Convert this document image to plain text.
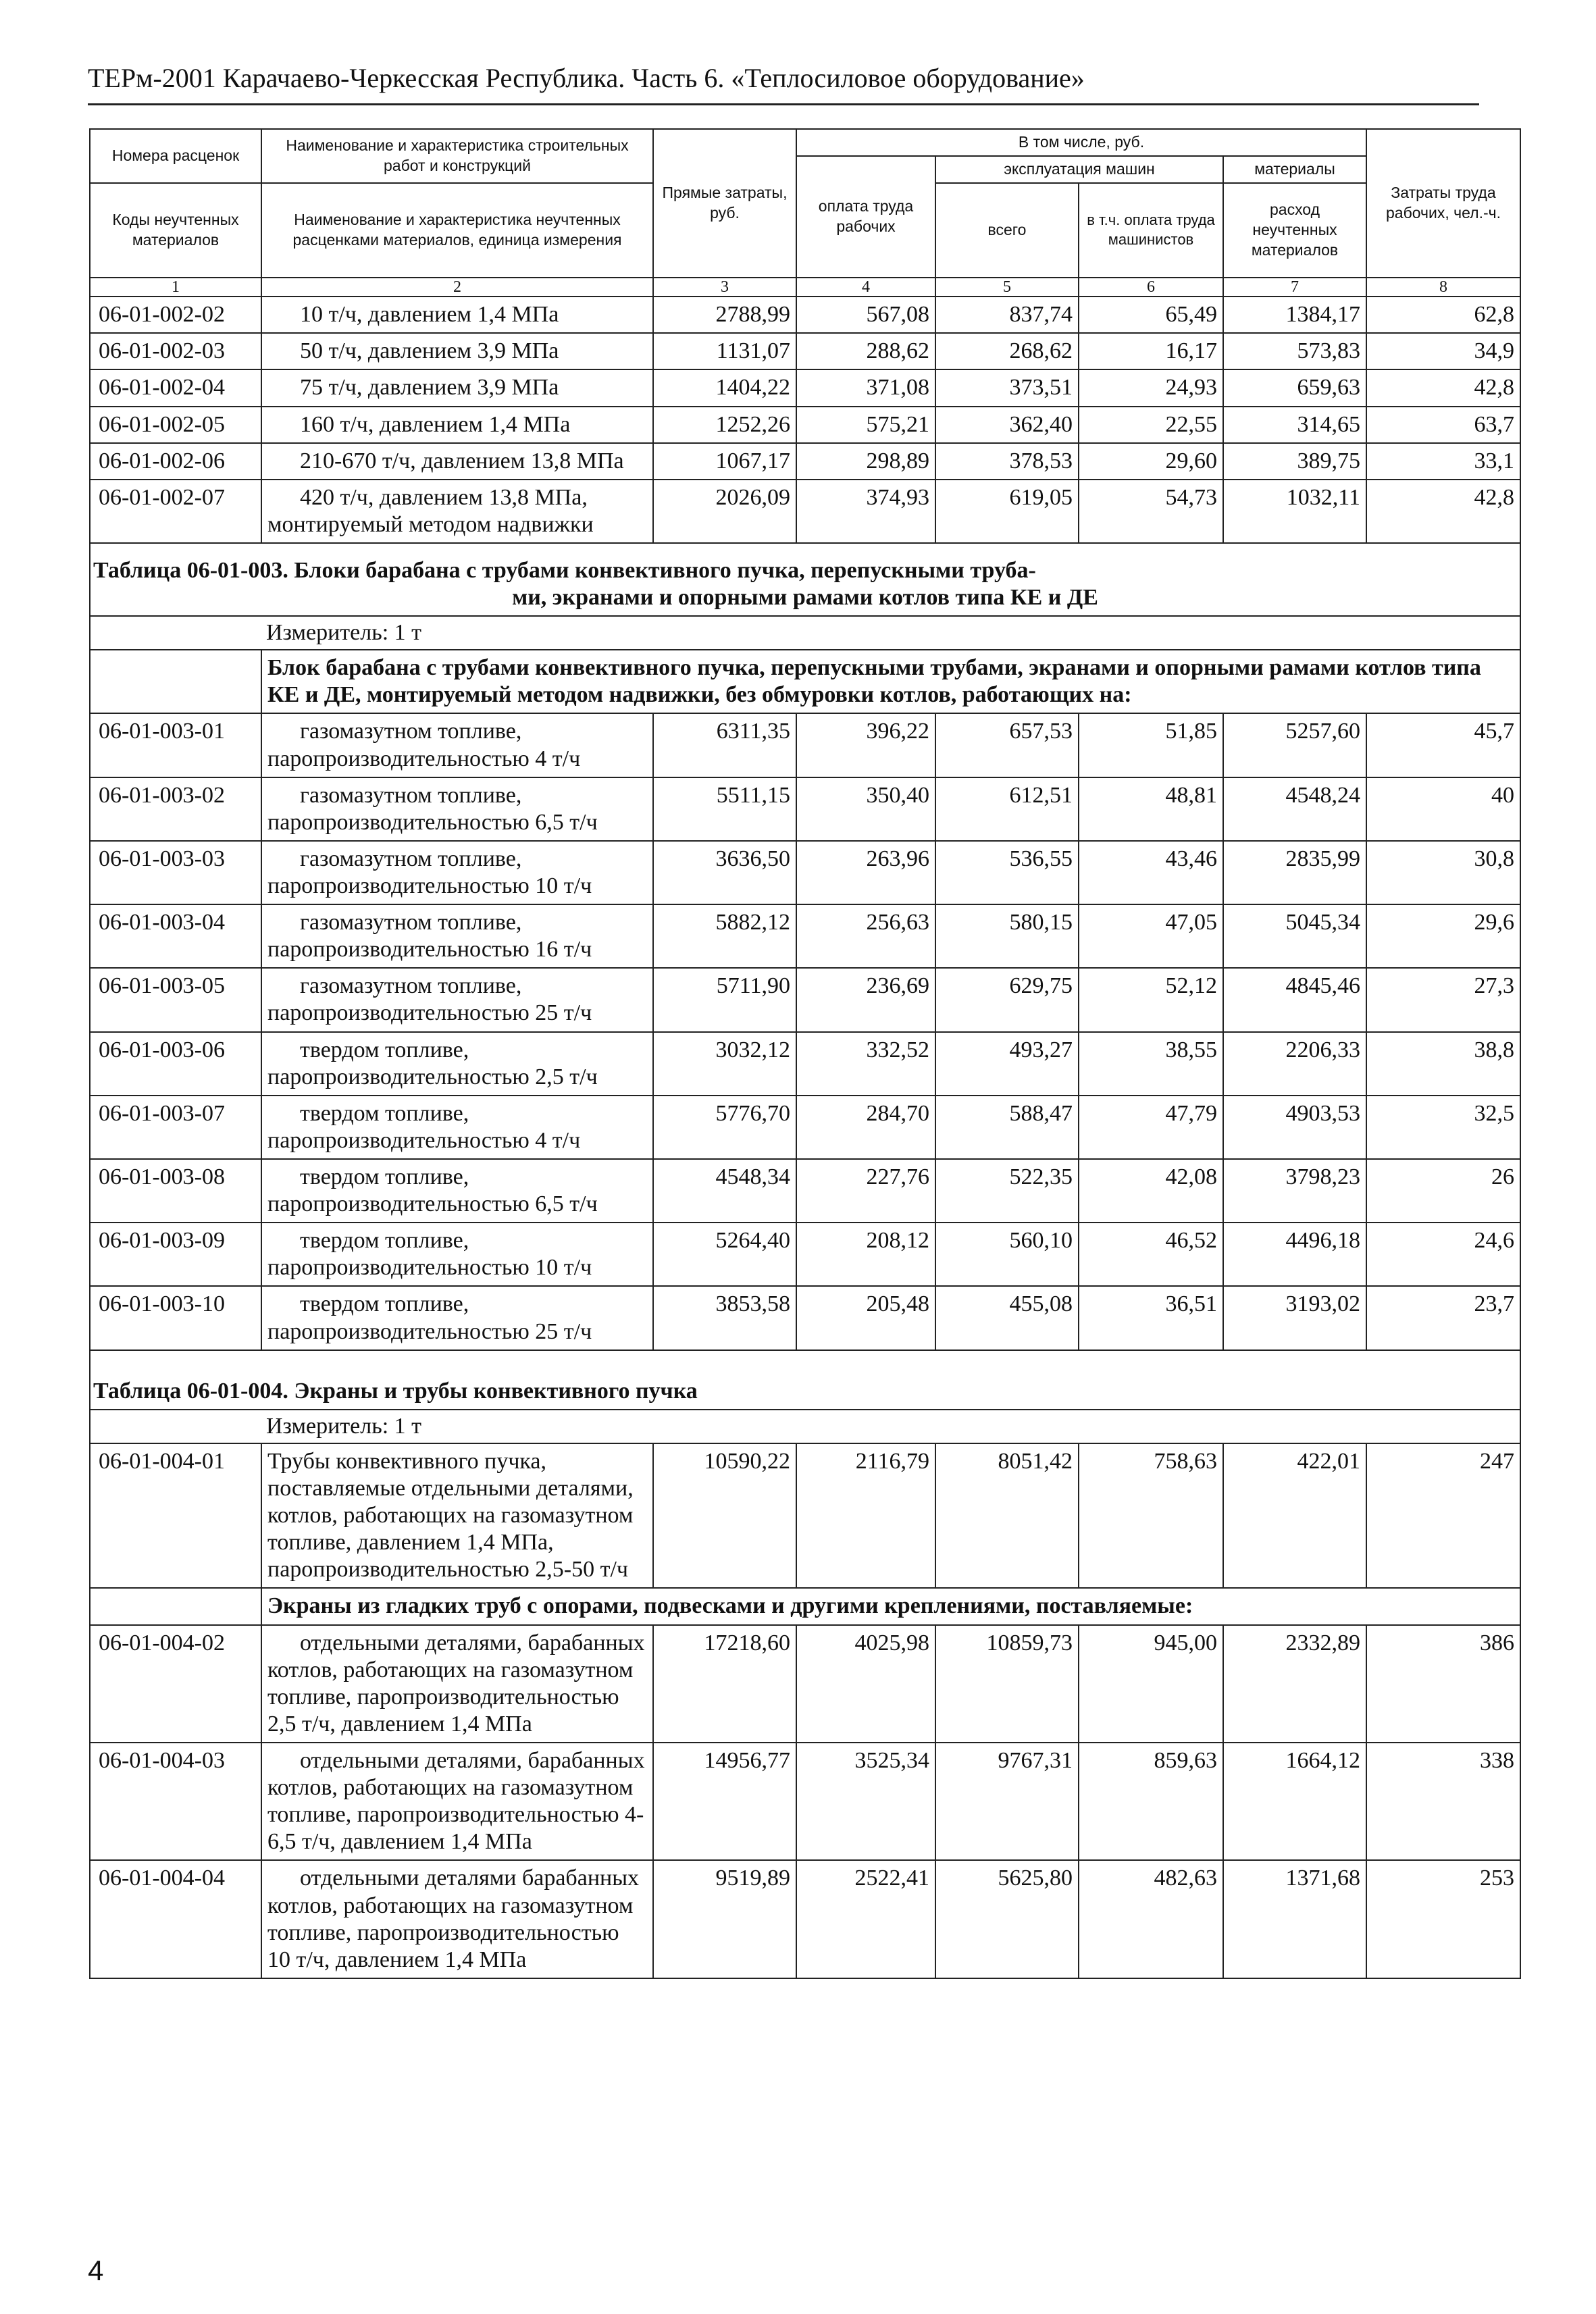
ТЕРм-2001 Карачаево-Черкесская Республика. Часть 6. «Теплосиловое оборудование»
Номера расценок	Наименование и характеристика строительных работ и конструкций	Прямые затраты, руб.	В том числе, руб.				Затраты труда рабочих, чел.-ч.
			оплата труда рабочих	эксплуатация машин		материалы	
Коды неучтенных материалов	Наименование и характеристика неучтенных расценками материалов, единица измерения			всего	в т.ч. оплата труда машинистов	расход неучтенных материалов	

1	2	3	4	5	6	7	8
06-01-002-02	10 т/ч, давлением 1,4 МПа	2788,99	567,08	837,74	65,49	1384,17	62,8
06-01-002-03	50 т/ч, давлением 3,9 МПа	1131,07	288,62	268,62	16,17	573,83	34,9
06-01-002-04	75 т/ч, давлением 3,9 МПа	1404,22	371,08	373,51	24,93	659,63	42,8
06-01-002-05	160 т/ч, давлением 1,4 МПа	1252,26	575,21	362,40	22,55	314,65	63,7
06-01-002-06	210-670 т/ч, давлением 13,8 МПа	1067,17	298,89	378,53	29,60	389,75	33,1
06-01-002-07	420 т/ч, давлением 13,8 МПа, монтируемый методом надвижки	2026,09	374,93	619,05	54,73	1032,11	42,8
Таблица 06-01-003. Блоки барабана с трубами конвективного пучка, перепускными труба-
ми, экранами и опорными рамами котлов типа КЕ и ДЕ							

Измеритель: 1 т							
	Блок барабана с трубами конвективного пучка, перепускными трубами, экранами и опорными рамами котлов типа КЕ и ДЕ, монтируемый методом надвижки, без обмуровки котлов, работающих на:						
06-01-003-01	газомазутном топливе, паропроизводительностью 4 т/ч	6311,35	396,22	657,53	51,85	5257,60	45,7
06-01-003-02	газомазутном топливе, паропроизводительностью 6,5 т/ч	5511,15	350,40	612,51	48,81	4548,24	40
06-01-003-03	газомазутном топливе, паропроизводительностью 10 т/ч	3636,50	263,96	536,55	43,46	2835,99	30,8
06-01-003-04	газомазутном топливе, паропроизводительностью 16 т/ч	5882,12	256,63	580,15	47,05	5045,34	29,6
06-01-003-05	газомазутном топливе, паропроизводительностью 25 т/ч	5711,90	236,69	629,75	52,12	4845,46	27,3
06-01-003-06	твердом топливе, паропроизводительностью 2,5 т/ч	3032,12	332,52	493,27	38,55	2206,33	38,8
06-01-003-07	твердом топливе, паропроизводительностью 4 т/ч	5776,70	284,70	588,47	47,79	4903,53	32,5
06-01-003-08	твердом топливе, паропроизводительностью 6,5 т/ч	4548,34	227,76	522,35	42,08	3798,23	26
06-01-003-09	твердом топливе, паропроизводительностью 10 т/ч	5264,40	208,12	560,10	46,52	4496,18	24,6
06-01-003-10	твердом топливе, паропроизводительностью 25 т/ч	3853,58	205,48	455,08	36,51	3193,02	23,7
Таблица 06-01-004. Экраны и трубы конвективного пучка							
Измеритель: 1 т							
06-01-004-01	Трубы конвективного пучка, поставляемые отдельными деталями, котлов, работающих на газомазутном топливе, давлением 1,4 МПа, паропроизводительностью 2,5-50 т/ч	10590,22	2116,79	8051,42	758,63	422,01	247
	Экраны из гладких труб с опорами, подвесками и другими креплениями, поставляемые:						
06-01-004-02	отдельными деталями, барабанных котлов, работающих на газомазутном топливе, паропроизводительностью 2,5 т/ч, давлением 1,4 МПа	17218,60	4025,98	10859,73	945,00	2332,89	386
06-01-004-03	отдельными деталями, барабанных котлов, работающих на газомазутном топливе, паропроизводительностью 4-6,5 т/ч, давлением 1,4 МПа	14956,77	3525,34	9767,31	859,63	1664,12	338
06-01-004-04	отдельными деталями барабанных котлов, работающих на газомазутном топливе, паропроизводительностью 10 т/ч, давлением 1,4 МПа	9519,89	2522,41	5625,80	482,63	1371,68	253
4
